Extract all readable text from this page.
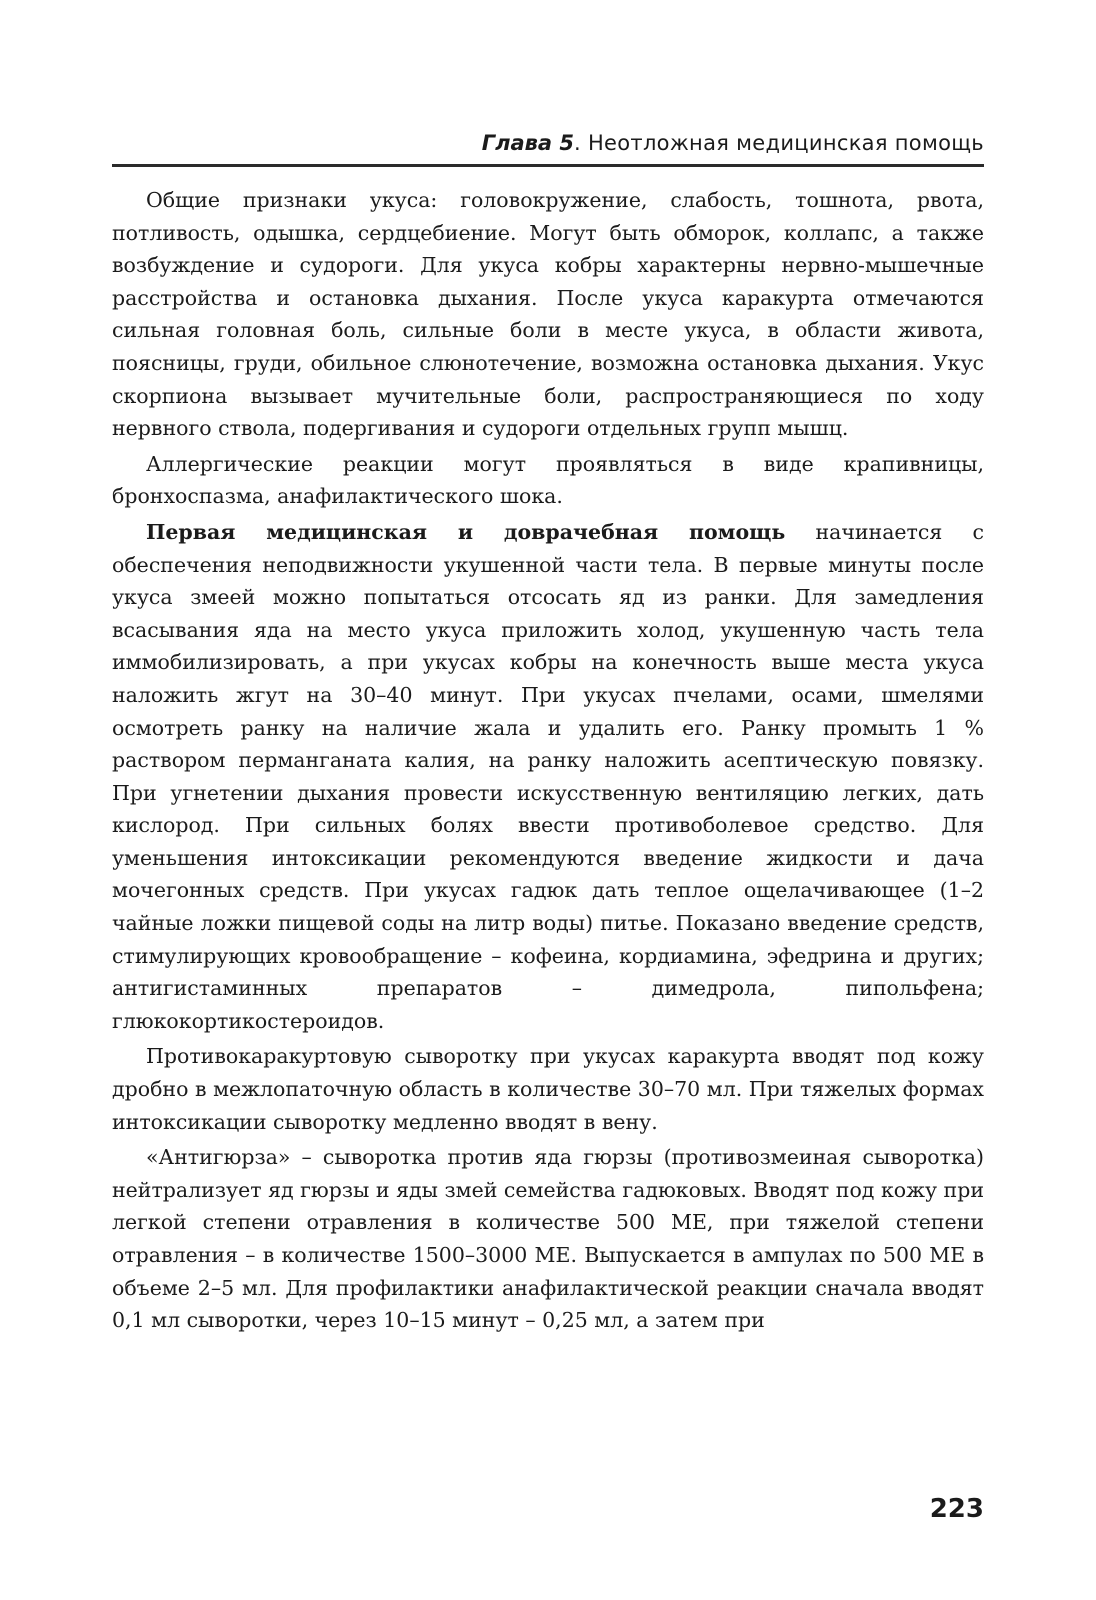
Глава 5. Неотложная медицинская помощь

Общие признаки укуса: головокружение, слабость, тошнота, рвота, потливость, одышка, сердцебиение. Могут быть обморок, коллапс, а также возбуждение и судороги. Для укуса кобры характерны нервно-мышечные расстройства и остановка дыхания. После укуса каракурта отмечаются сильная головная боль, сильные боли в месте укуса, в области живота, поясницы, груди, обильное слюнотечение, возможна остановка дыхания. Укус скорпиона вызывает мучительные боли, распространяющиеся по ходу нервного ствола, подергивания и судороги отдельных групп мышц.

Аллергические реакции могут проявляться в виде крапивницы, бронхоспазма, анафилактического шока.

Первая медицинская и доврачебная помощь начинается с обеспечения неподвижности укушенной части тела. В первые минуты после укуса змеей можно попытаться отсосать яд из ранки. Для замедления всасывания яда на место укуса приложить холод, укушенную часть тела иммобилизировать, а при укусах кобры на конечность выше места укуса наложить жгут на 30–40 минут. При укусах пчелами, осами, шмелями осмотреть ранку на наличие жала и удалить его. Ранку промыть 1 % раствором перманганата калия, на ранку наложить асептическую повязку. При угнетении дыхания провести искусственную вентиляцию легких, дать кислород. При сильных болях ввести противоболевое средство. Для уменьшения интоксикации рекомендуются введение жидкости и дача мочегонных средств. При укусах гадюк дать теплое ощелачивающее (1–2 чайные ложки пищевой соды на литр воды) питье. Показано введение средств, стимулирующих кровообращение – кофеина, кордиамина, эфедрина и других; антигистаминных препаратов – димедрола, пипольфена; глюкокортикостероидов.

Противокаракуртовую сыворотку при укусах каракурта вводят под кожу дробно в межлопаточную область в количестве 30–70 мл. При тяжелых формах интоксикации сыворотку медленно вводят в вену.

«Антигюрза» – сыворотка против яда гюрзы (противозмеиная сыворотка) нейтрализует яд гюрзы и яды змей семейства гадюковых. Вводят под кожу при легкой степени отравления в количестве 500 МЕ, при тяжелой степени отравления – в количестве 1500–3000 МЕ. Выпускается в ампулах по 500 МЕ в объеме 2–5 мл. Для профилактики анафилактической реакции сначала вводят 0,1 мл сыворотки, через 10–15 минут – 0,25 мл, а затем при

223
